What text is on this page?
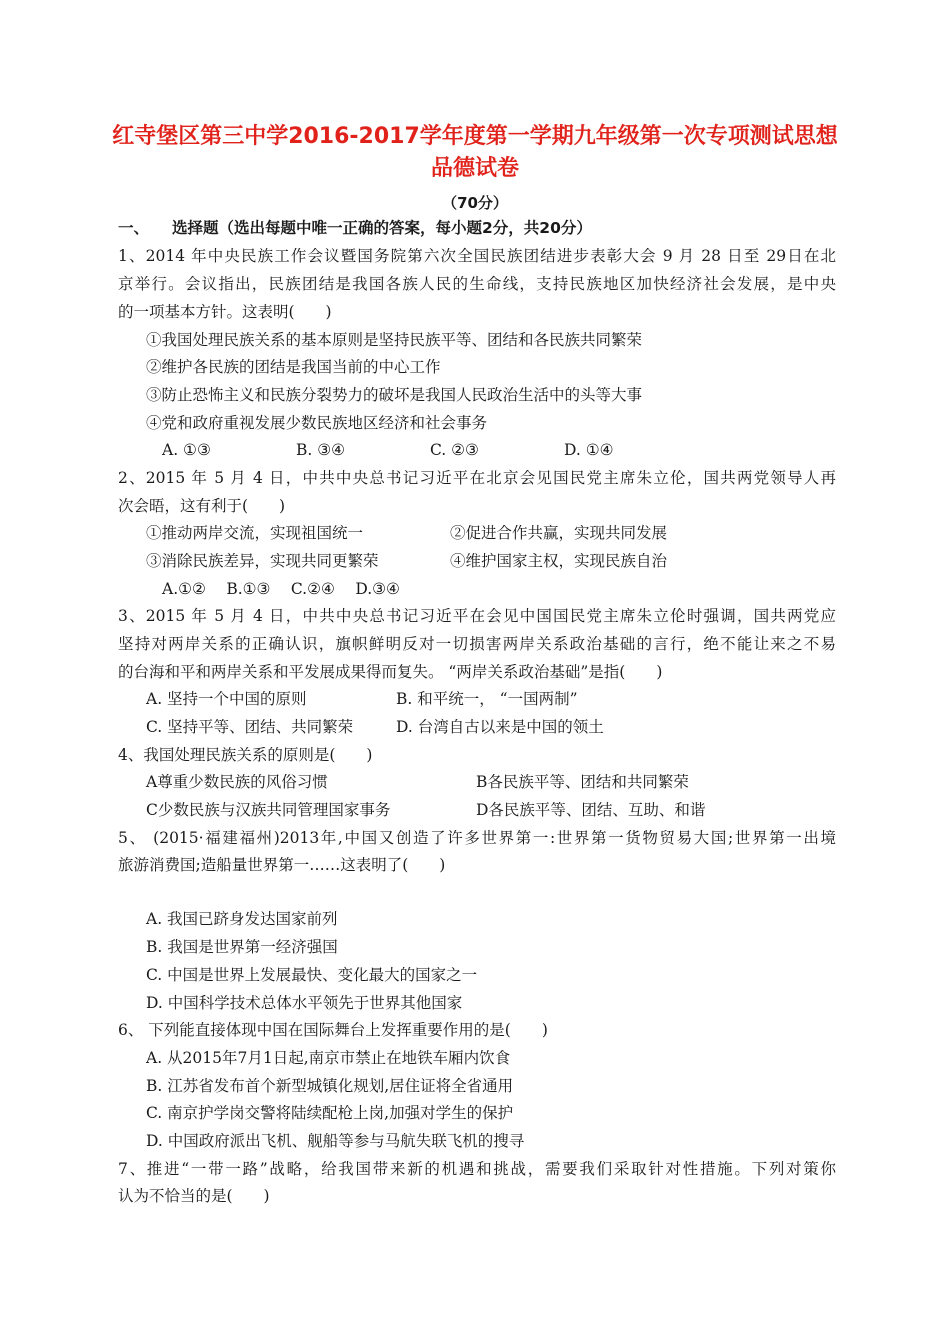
红寺堡区第三中学2016-2017学年度第一学期九年级第一次专项测试思想
品德试卷
（70分）
一、 选择题（选出每题中唯一正确的答案，每小题2分，共20分）
1、2014 年中央民族工作会议暨国务院第六次全国民族团结进步表彰大会 9 月 28 日至 29日在北
京举行。会议指出，民族团结是我国各族人民的生命线，支持民族地区加快经济社会发展，是中央
的一项基本方针。这表明(　　)
①我国处理民族关系的基本原则是坚持民族平等、团结和各民族共同繁荣
②维护各民族的团结是我国当前的中心工作
③防止恐怖主义和民族分裂势力的破坏是我国人民政治生活中的头等大事
④党和政府重视发展少数民族地区经济和社会事务
A. ①③	B. ③④	C. ②③	D. ①④
2、2015 年 5 月 4 日，中共中央总书记习近平在北京会见国民党主席朱立伦，国共两党领导人再
次会晤，这有利于(　　)
①推动两岸交流，实现祖国统一	②促进合作共赢，实现共同发展
③消除民族差异，实现共同更繁荣	④维护国家主权，实现民族自治
A.①②　 B.①③　 C.②④　 D.③④
3、2015 年 5 月 4 日，中共中央总书记习近平在会见中国国民党主席朱立伦时强调，国共两党应
坚持对两岸关系的正确认识，旗帜鲜明反对一切损害两岸关系政治基础的言行，绝不能让来之不易
的台海和平和两岸关系和平发展成果得而复失。 “两岸关系政治基础”是指(　　)
A. 坚持一个中国的原则	B. 和平统一， “一国两制”
C. 坚持平等、团结、共同繁荣	D. 台湾自古以来是中国的领土
4、我国处理民族关系的原则是(　　)
A尊重少数民族的风俗习惯	B各民族平等、团结和共同繁荣
C少数民族与汉族共同管理国家事务	D各民族平等、团结、互助、和谐
5、 (2015·福建福州)2013年,中国又创造了许多世界第一:世界第一货物贸易大国;世界第一出境
旅游消费国;造船量世界第一……这表明了(　　)
A. 我国已跻身发达国家前列
B. 我国是世界第一经济强国
C. 中国是世界上发展最快、变化最大的国家之一
D. 中国科学技术总体水平领先于世界其他国家
6、 下列能直接体现中国在国际舞台上发挥重要作用的是(　　)
A. 从2015年7月1日起,南京市禁止在地铁车厢内饮食
B. 江苏省发布首个新型城镇化规划,居住证将全省通用
C. 南京护学岗交警将陆续配枪上岗,加强对学生的保护
D. 中国政府派出飞机、舰船等参与马航失联飞机的搜寻
7、推进“一带一路”战略，给我国带来新的机遇和挑战，需要我们采取针对性措施。下列对策你
认为不恰当的是(　　)
